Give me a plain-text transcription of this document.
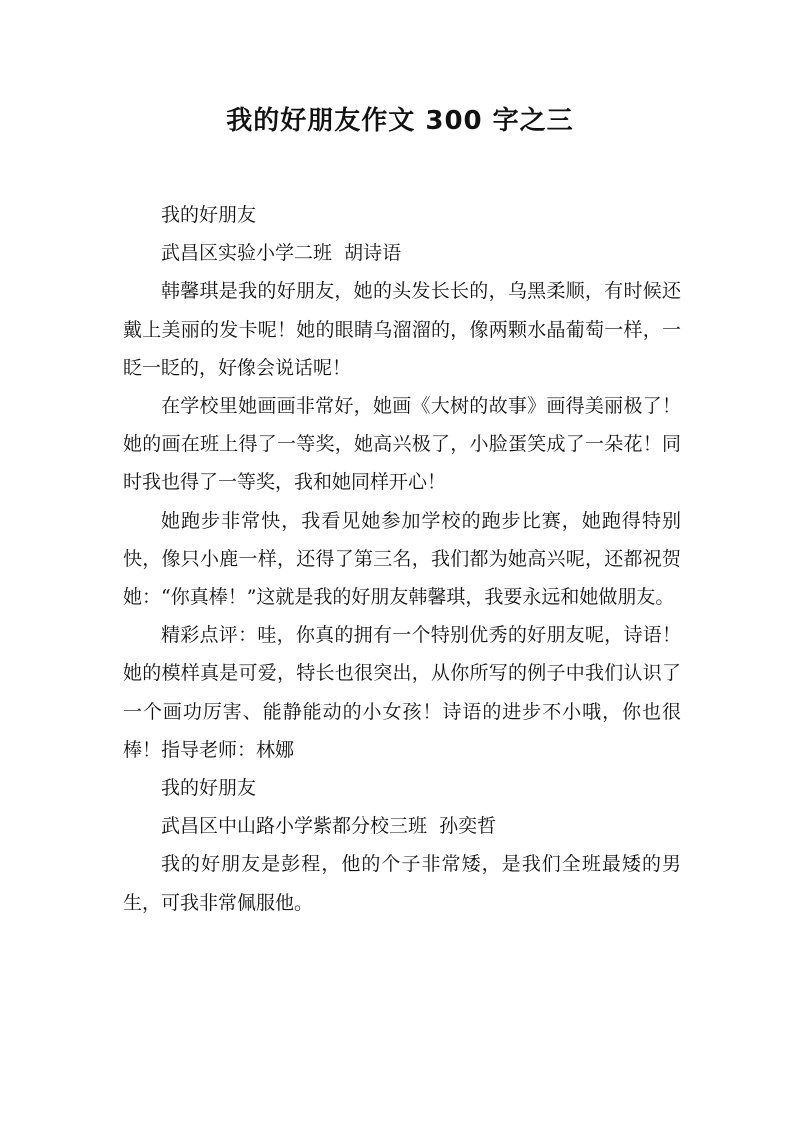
我的好朋友作文 300 字之三

我的好朋友

武昌区实验小学二班  胡诗语

韩馨琪是我的好朋友，她的头发长长的，乌黑柔顺，有时候还戴上美丽的发卡呢！她的眼睛乌溜溜的，像两颗水晶葡萄一样，一眨一眨的，好像会说话呢！

在学校里她画画非常好，她画《大树的故事》画得美丽极了！她的画在班上得了一等奖，她高兴极了，小脸蛋笑成了一朵花！同时我也得了一等奖，我和她同样开心！

她跑步非常快，我看见她参加学校的跑步比赛，她跑得特别快，像只小鹿一样，还得了第三名，我们都为她高兴呢，还都祝贺她：“你真棒！”这就是我的好朋友韩馨琪，我要永远和她做朋友。

精彩点评：哇，你真的拥有一个特别优秀的好朋友呢，诗语！她的模样真是可爱，特长也很突出，从你所写的例子中我们认识了一个画功厉害、能静能动的小女孩！诗语的进步不小哦，你也很棒！指导老师：林娜

我的好朋友

武昌区中山路小学紫都分校三班  孙奕哲

我的好朋友是彭程，他的个子非常矮，是我们全班最矮的男生，可我非常佩服他。
